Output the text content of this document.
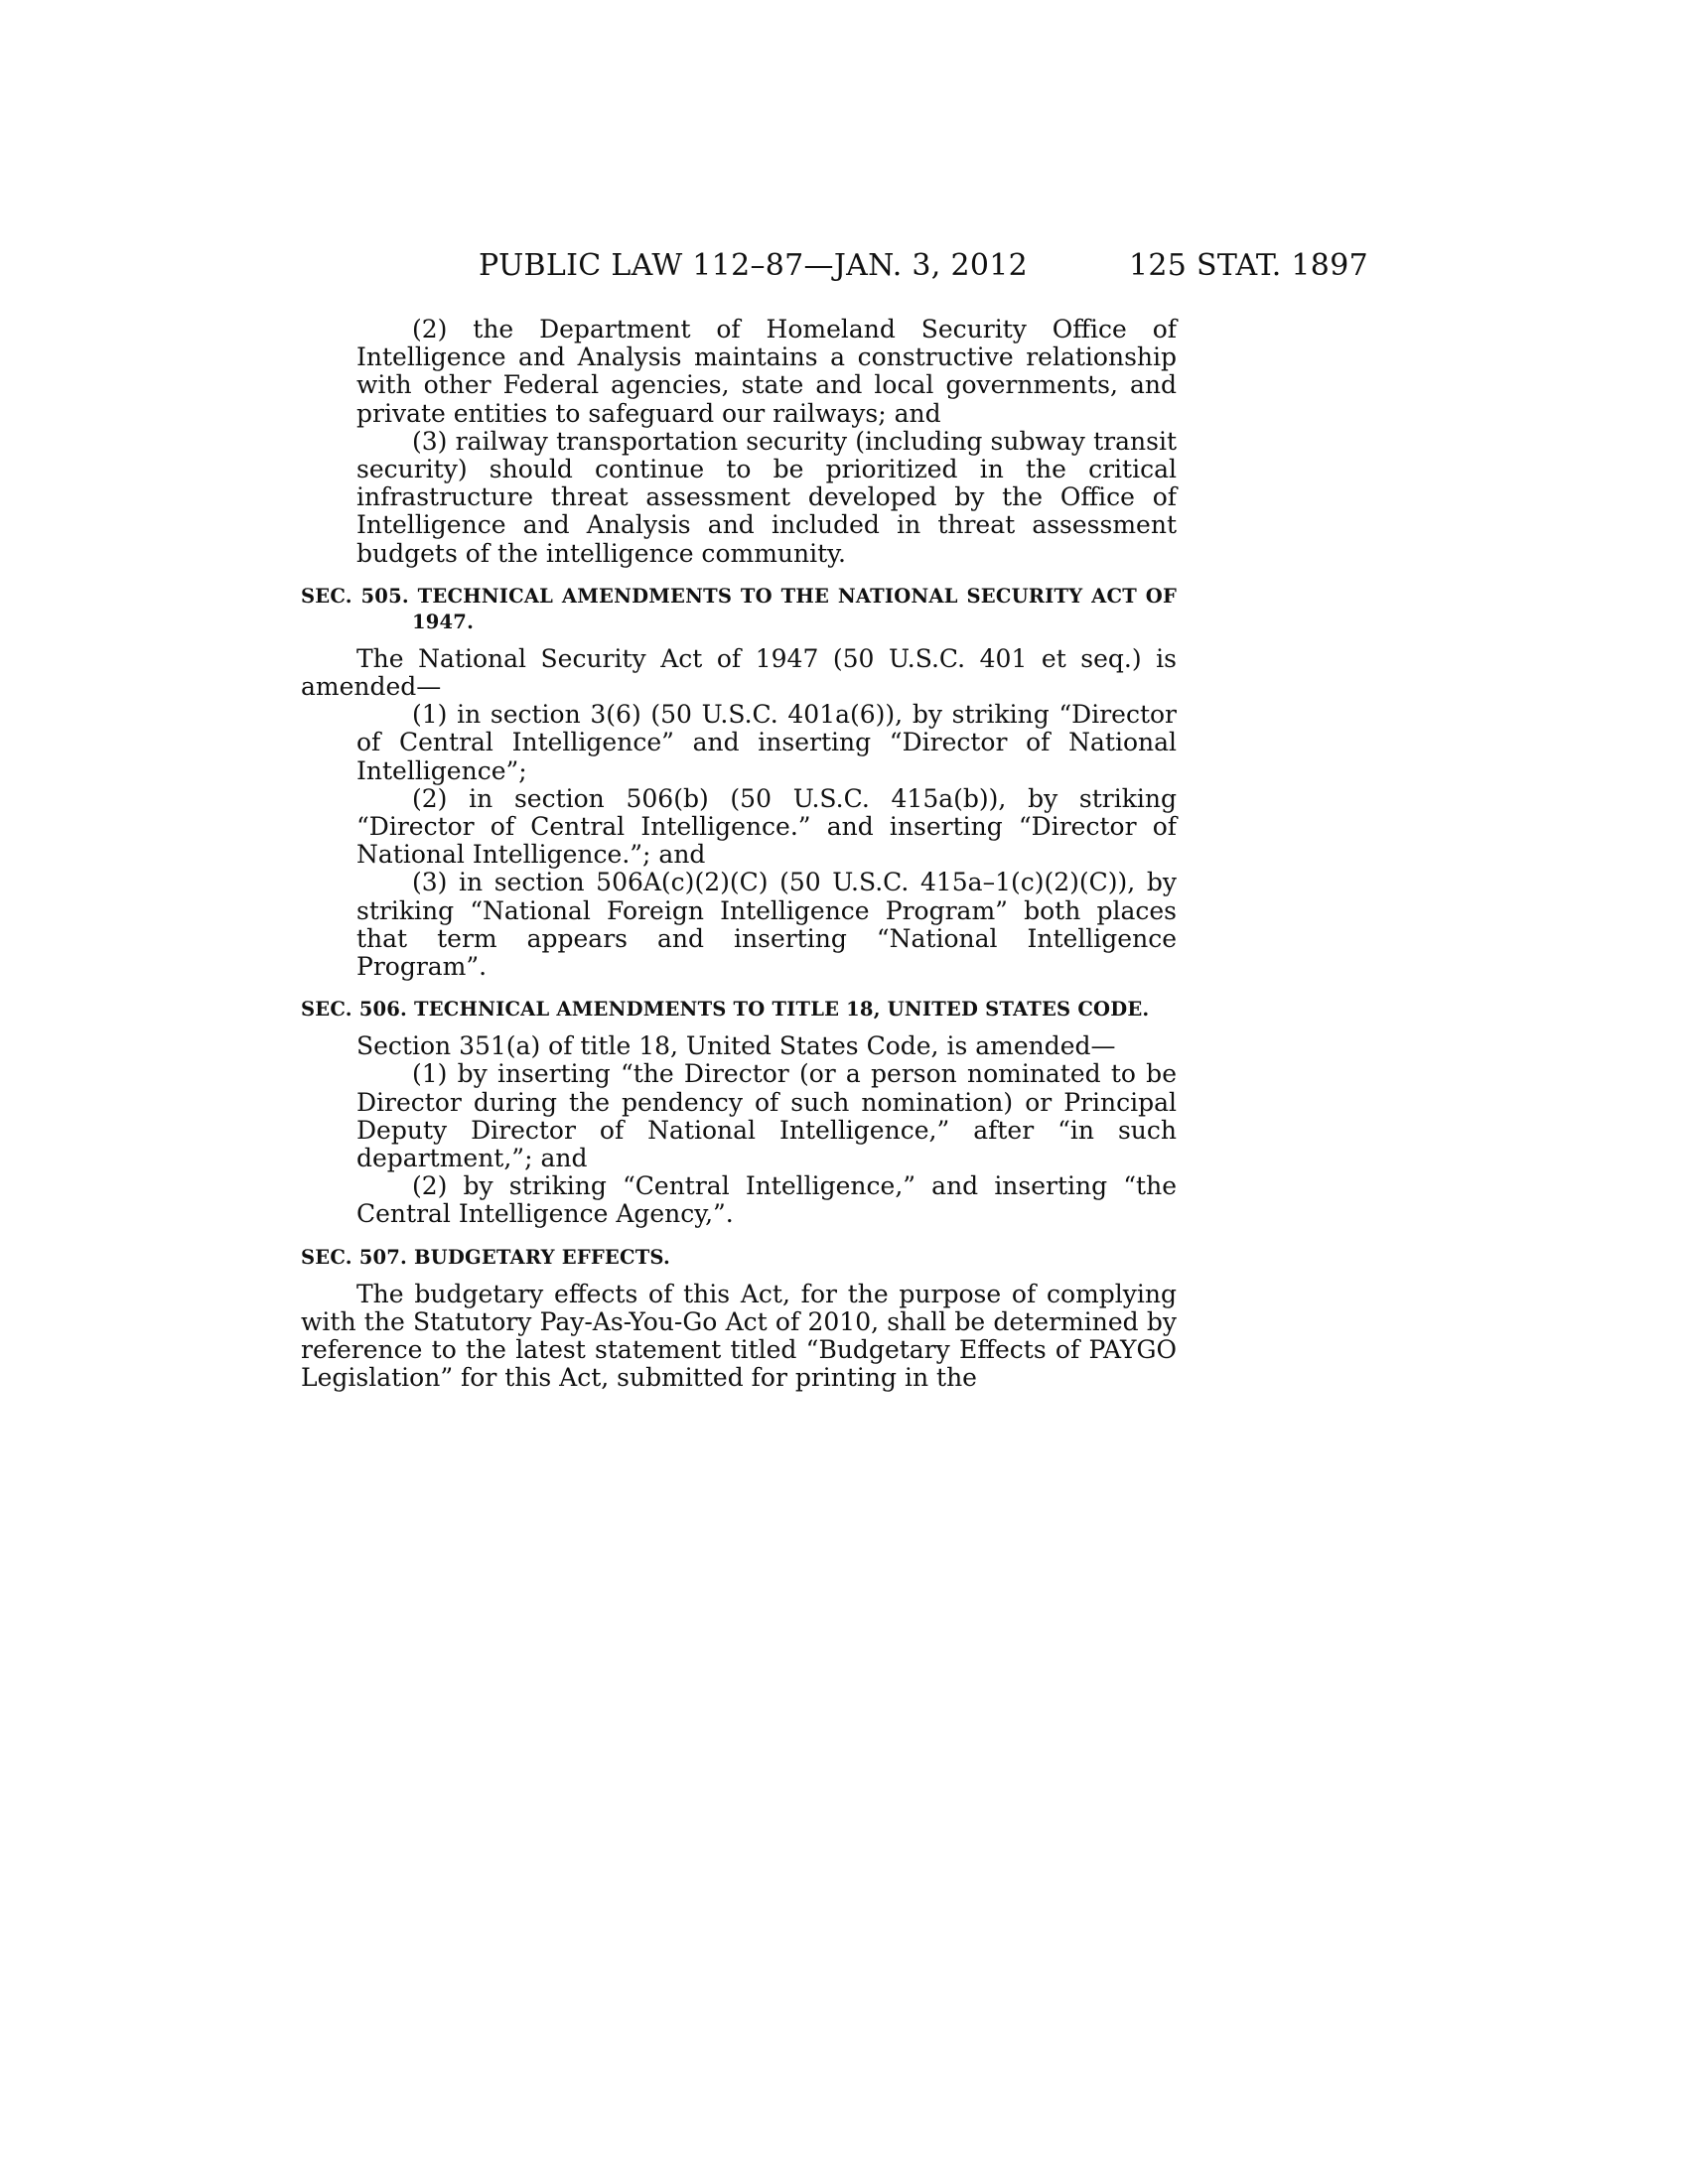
PUBLIC LAW 112–87—JAN. 3, 2012	125 STAT. 1897

(2) the Department of Homeland Security Office of Intelligence and Analysis maintains a constructive relationship with other Federal agencies, state and local governments, and private entities to safeguard our railways; and

(3) railway transportation security (including subway transit security) should continue to be prioritized in the critical infrastructure threat assessment developed by the Office of Intelligence and Analysis and included in threat assessment budgets of the intelligence community.

SEC. 505. TECHNICAL AMENDMENTS TO THE NATIONAL SECURITY ACT OF 1947.

The National Security Act of 1947 (50 U.S.C. 401 et seq.) is amended—

(1) in section 3(6) (50 U.S.C. 401a(6)), by striking “Director of Central Intelligence” and inserting “Director of National Intelligence”;

(2) in section 506(b) (50 U.S.C. 415a(b)), by striking “Director of Central Intelligence.” and inserting “Director of National Intelligence.”; and

(3) in section 506A(c)(2)(C) (50 U.S.C. 415a–1(c)(2)(C)), by striking “National Foreign Intelligence Program” both places that term appears and inserting “National Intelligence Program”.

SEC. 506. TECHNICAL AMENDMENTS TO TITLE 18, UNITED STATES CODE.

Section 351(a) of title 18, United States Code, is amended—

(1) by inserting “the Director (or a person nominated to be Director during the pendency of such nomination) or Principal Deputy Director of National Intelligence,” after “in such department,”; and

(2) by striking “Central Intelligence,” and inserting “the Central Intelligence Agency,”.

SEC. 507. BUDGETARY EFFECTS.

The budgetary effects of this Act, for the purpose of complying with the Statutory Pay-As-You-Go Act of 2010, shall be determined by reference to the latest statement titled “Budgetary Effects of PAYGO Legislation” for this Act, submitted for printing in the
